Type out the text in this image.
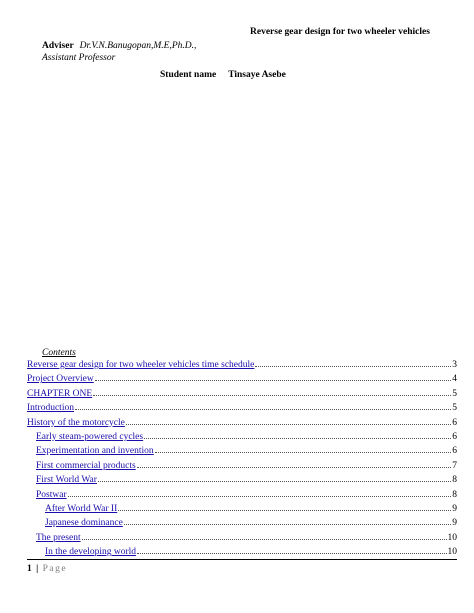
Reverse gear design for two wheeler vehicles
Adviser Dr.V.N.Banugopan,M.E,Ph.D.,
Assistant Professor
Student name Tinsaye Asebe
Contents
Reverse gear design for two wheeler vehicles time schedule	3
Project Overview	4
CHAPTER ONE	5
Introduction	5
History of the motorcycle	6
Early steam-powered cycles	6
Experimentation and invention	6
First commercial products	7
First World War	8
Postwar	8
After World War II	9
Japanese dominance	9
The present	10
In the developing world	10
1 | Page
